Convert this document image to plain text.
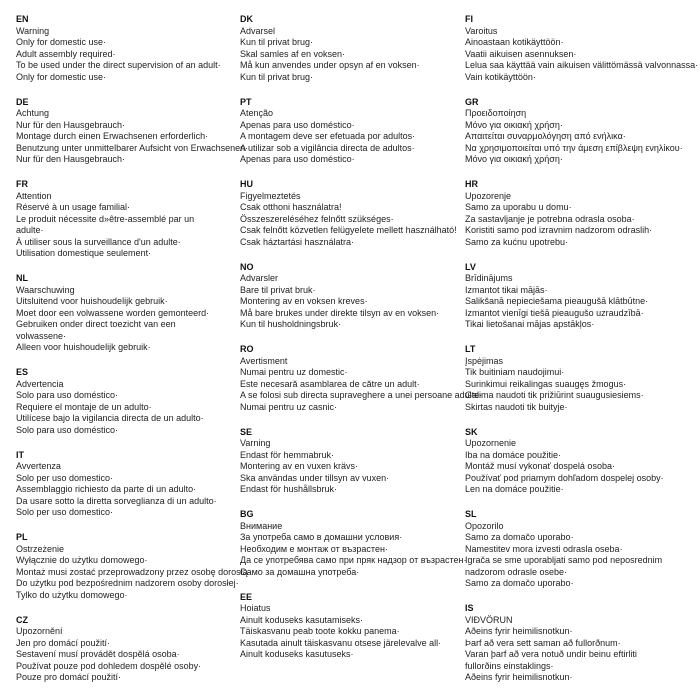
EN
Warning
Only for domestic use·
Adult assembly required·
To be used under the direct supervision of an adult·
Only for domestic use·
DE
Achtung
Nur für den Hausgebrauch·
Montage durch einen Erwachsenen erforderlich·
Benutzung unter unmittelbarer Aufsicht von Erwachsenen·
Nur für den Hausgebrauch·
FR
Attention
Réservé à un usage familial·
Le produit nécessite d»être-assemblé par un
adulte·
À utiliser sous la surveillance d'un adulte·
Utilisation domestique seulement·
NL
Waarschuwing
Uitsluitend voor huishoudelijk gebruik·
Moet door een volwassene worden gemonteerd·
Gebruiken onder direct toezicht van een
volwassene·
Alleen voor huishoudelijk gebruik·
ES
Advertencia
Solo para uso doméstico·
Requiere el montaje de un adulto·
Utilícese bajo la vigilancia directa de un adulto·
Solo para uso doméstico·
IT
Avvertenza
Solo per uso domestico·
Assemblaggio richiesto da parte di un adulto·
Da usare sotto la diretta sorveglianza di un adulto·
Solo per uso domestico·
PL
Ostrzeżenie
Wyłącznie do użytku domowego·
Montaż musi zostać przeprowadzony przez osobę dorosłą·
Do użytku pod bezpośrednim nadzorem osoby dorosłej·
Tylko do użytku domowego·
CZ
Upozornění
Jen pro domácí použití·
Sestavení musí provádět dospělá osoba·
Používat pouze pod dohledem dospělé osoby·
Pouze pro domácí použití·
DK
Advarsel
Kun til privat brug·
Skal samles af en voksen·
Må kun anvendes under opsyn af en voksen·
Kun til privat brug·
PT
Atenção
Apenas para uso doméstico·
A montagem deve ser efetuada por adultos·
A utilizar sob a vigilância directa de adultos·
Apenas para uso doméstico·
HU
Figyelmeztetés
Csak otthoni használatra!
Összeszereléséhez felnőtt szükséges·
Csak felnőtt közvetlen felügyelete mellett használható!
Csak háztartási használatra·
NO
Advarsler
Bare til privat bruk·
Montering av en voksen kreves·
Må bare brukes under direkte tilsyn av en voksen·
Kun til husholdningsbruk·
RO
Avertisment
Numai pentru uz domestic·
Este necesară asamblarea de către un adult·
A se folosi sub directa supraveghere a unei persoane adulte·
Numai pentru uz casnic·
SE
Varning
Endast för hemmabruk·
Montering av en vuxen krävs·
Ska användas under tillsyn av vuxen·
Endast för hushållsbruk·
BG
Внимание
За употреба само в домашни условия·
Необходим е монтаж от възрастен·
Да се употребява само при пряк надзор от възрастен·
Само за домашна употреба·
EE
Hoiatus
Ainult koduseks kasutamiseks·
Täiskasvanu peab toote kokku panema·
Kasutada ainult täiskasvanu otsese järelevalve all·
Ainult koduseks kasutuseks·
FI
Varoitus
Ainoastaan kotikäyttöön·
Vaatii aikuisen asennuksen·
Lelua saa käyttää vain aikuisen välittömässä valvonnassa·
Vain kotikäyttöön·
GR
Προειδοποίηση
Μόνο για οικιακή χρήση·
Απαιτείται συναρμολόγηση από ενήλικα·
Να χρησιμοποιείται υπό την άμεση επίβλεψη ενηλίκου·
Μόνο για οικιακή χρήση·
HR
Upozorenje
Samo za uporabu u domu·
Za sastavljanje je potrebna odrasla osoba·
Koristiti samo pod izravnim nadzorom odraslih·
Samo za kućnu upotrebu·
LV
Brīdinājums
Izmantot tikai mājās·
Salikšanā nepieciešama pieaugušā klātbūtne·
Izmantot vienīgi tiešā pieaugušo uzraudzībā·
Tikai lietošanai mājas apstākļos·
LT
Įspėjimas
Tik buitiniam naudojimui·
Surinkimui reikalingas suaugęs žmogus·
Galima naudoti tik prižiūrint suaugusiesiems·
Skirtas naudoti tik buityje·
SK
Upozornenie
Iba na domáce použitie·
Montáž musí vykonať dospelá osoba·
Používať pod priamym dohľadom dospelej osoby·
Len na domáce použitie·
SL
Opozorilo
Samo za domačo uporabo·
Namestitev mora izvesti odrasla oseba·
Igrača se sme uporabljati samo pod neposrednim
nadzorom odrasle osebe·
Samo za domačo uporabo·
IS
VIÐVÖRUN
Aðeins fyrir heimilisnotkun·
Þarf að vera sett saman að fullorðnum·
Varan þarf að vera notuð undir beinu eftirliti
fullorðins einstaklings·
Aðeins fyrir heimilisnotkun·
